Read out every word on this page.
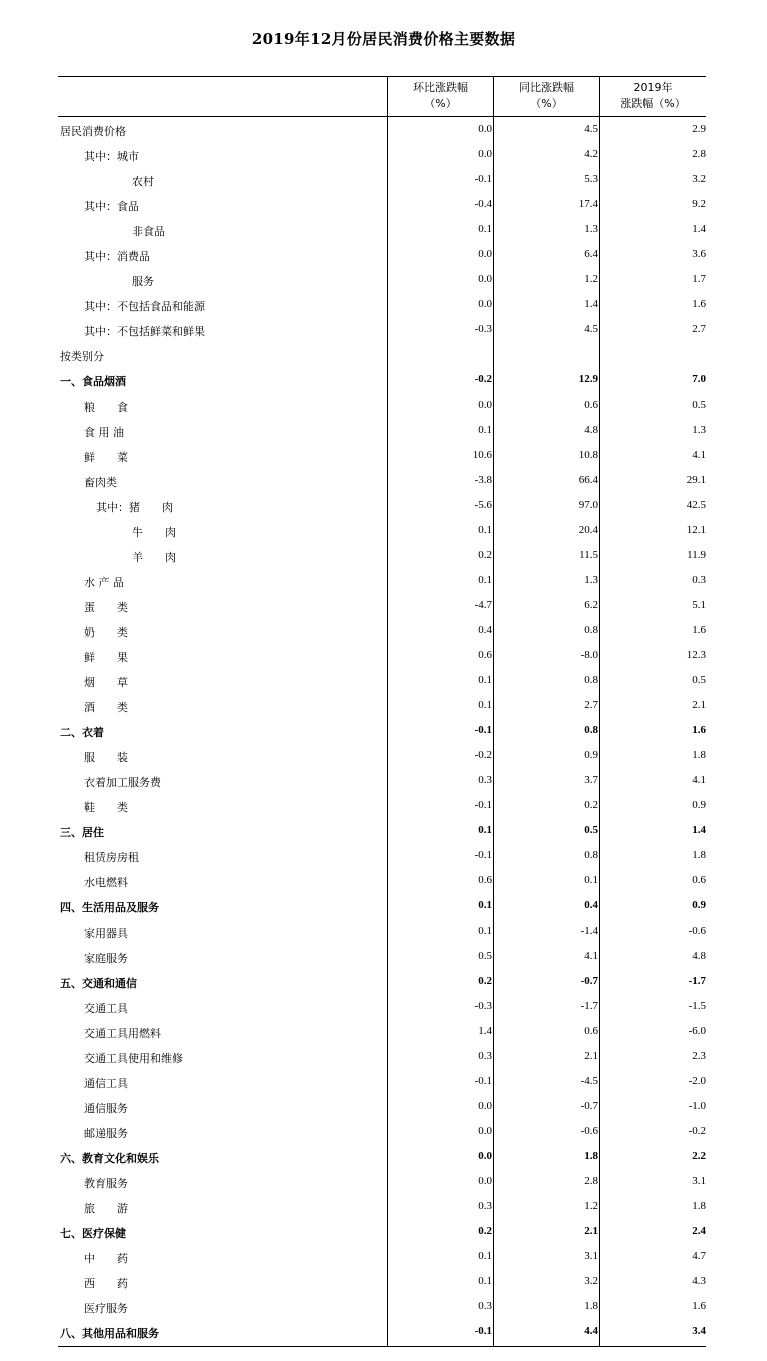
2019年12月份居民消费价格主要数据
环比涨跌幅
（%）
同比涨跌幅
（%）
2019年
涨跌幅（%）
居民消费价格	0.0	4.5	2.9
其中：城市	0.0	4.2	2.8
农村	-0.1	5.3	3.2
其中：食品	-0.4	17.4	9.2
非食品	0.1	1.3	1.4
其中：消费品	0.0	6.4	3.6
服务	0.0	1.2	1.7
其中：不包括食品和能源	0.0	1.4	1.6
其中：不包括鲜菜和鲜果	-0.3	4.5	2.7
按类别分
一、食品烟酒	-0.2	12.9	7.0
粮　　食	0.0	0.6	0.5
食 用 油	0.1	4.8	1.3
鲜　　菜	10.6	10.8	4.1
畜肉类	-3.8	66.4	29.1
其中：猪　　肉	-5.6	97.0	42.5
牛　　肉	0.1	20.4	12.1
羊　　肉	0.2	11.5	11.9
水 产 品	0.1	1.3	0.3
蛋　　类	-4.7	6.2	5.1
奶　　类	0.4	0.8	1.6
鲜　　果	0.6	-8.0	12.3
烟　　草	0.1	0.8	0.5
酒　　类	0.1	2.7	2.1
二、衣着	-0.1	0.8	1.6
服　　装	-0.2	0.9	1.8
衣着加工服务费	0.3	3.7	4.1
鞋　　类	-0.1	0.2	0.9
三、居住	0.1	0.5	1.4
租赁房房租	-0.1	0.8	1.8
水电燃料	0.6	0.1	0.6
四、生活用品及服务	0.1	0.4	0.9
家用器具	0.1	-1.4	-0.6
家庭服务	0.5	4.1	4.8
五、交通和通信	0.2	-0.7	-1.7
交通工具	-0.3	-1.7	-1.5
交通工具用燃料	1.4	0.6	-6.0
交通工具使用和维修	0.3	2.1	2.3
通信工具	-0.1	-4.5	-2.0
通信服务	0.0	-0.7	-1.0
邮递服务	0.0	-0.6	-0.2
六、教育文化和娱乐	0.0	1.8	2.2
教育服务	0.0	2.8	3.1
旅　　游	0.3	1.2	1.8
七、医疗保健	0.2	2.1	2.4
中　　药	0.1	3.1	4.7
西　　药	0.1	3.2	4.3
医疗服务	0.3	1.8	1.6
八、其他用品和服务	-0.1	4.4	3.4
